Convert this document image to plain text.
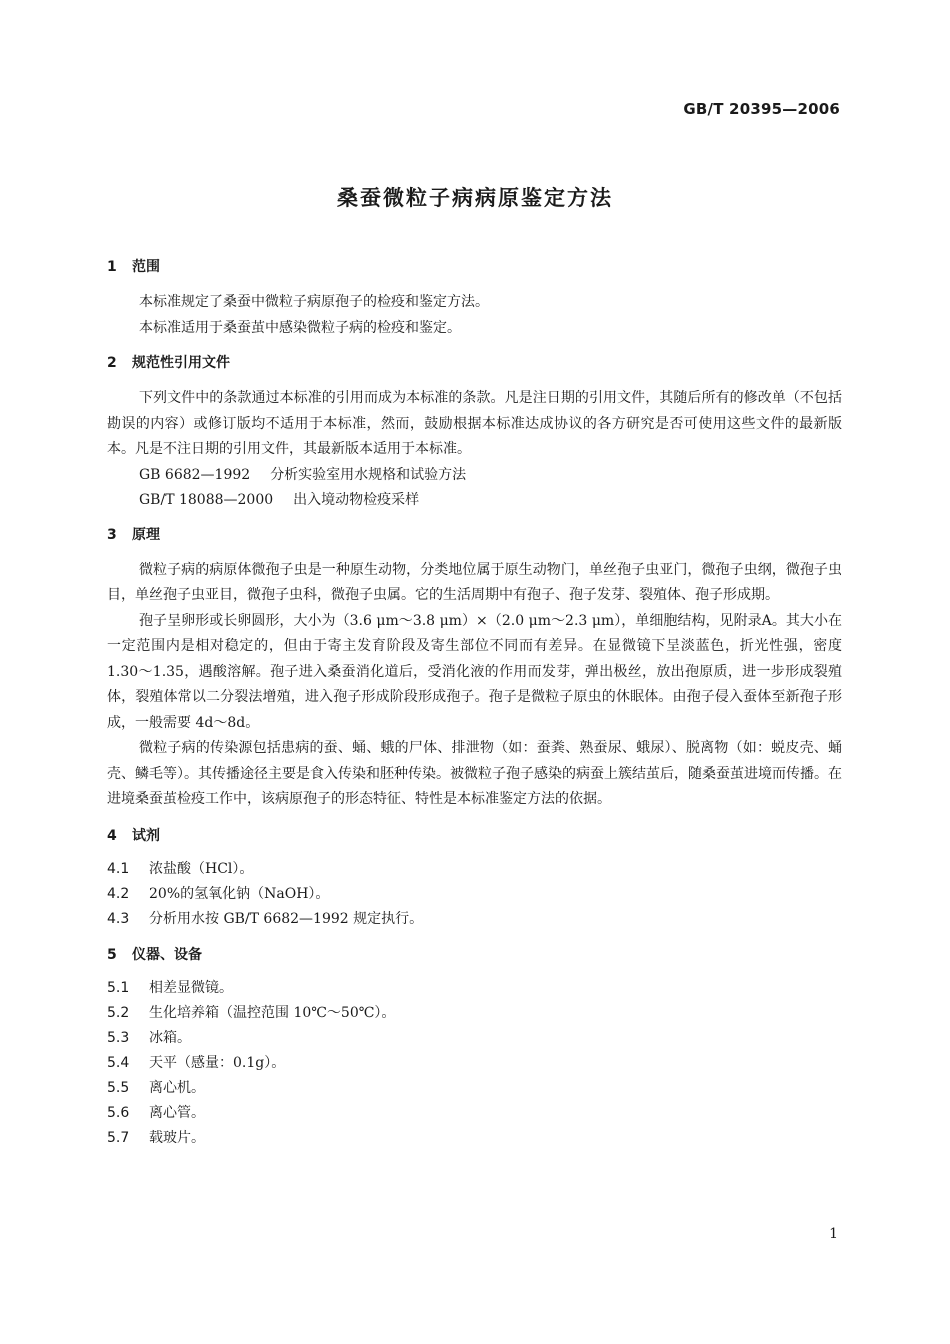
GB/T 20395—2006
桑蚕微粒子病病原鉴定方法

1 范围

本标准规定了桑蚕中微粒子病原孢子的检疫和鉴定方法。

本标准适用于桑蚕茧中感染微粒子病的检疫和鉴定。

2 规范性引用文件

下列文件中的条款通过本标准的引用而成为本标准的条款。凡是注日期的引用文件，其随后所有的修改单（不包括勘误的内容）或修订版均不适用于本标准，然而，鼓励根据本标准达成协议的各方研究是否可使用这些文件的最新版本。凡是不注日期的引用文件，其最新版本适用于本标准。

GB 6682—1992 分析实验室用水规格和试验方法

GB/T 18088—2000 出入境动物检疫采样

3 原理

微粒子病的病原体微孢子虫是一种原生动物，分类地位属于原生动物门，单丝孢子虫亚门，微孢子虫纲，微孢子虫目，单丝孢子虫亚目，微孢子虫科，微孢子虫属。它的生活周期中有孢子、孢子发芽、裂殖体、孢子形成期。

孢子呈卵形或长卵圆形，大小为（3.6 μm～3.8 μm）×（2.0 μm～2.3 μm），单细胞结构，见附录A。其大小在一定范围内是相对稳定的，但由于寄主发育阶段及寄生部位不同而有差异。在显微镜下呈淡蓝色，折光性强，密度 1.30～1.35，遇酸溶解。孢子进入桑蚕消化道后，受消化液的作用而发芽，弹出极丝，放出孢原质，进一步形成裂殖体，裂殖体常以二分裂法增殖，进入孢子形成阶段形成孢子。孢子是微粒子原虫的休眠体。由孢子侵入蚕体至新孢子形成，一般需要 4d～8d。

微粒子病的传染源包括患病的蚕、蛹、蛾的尸体、排泄物（如：蚕粪、熟蚕尿、蛾尿）、脱离物（如：蜕皮壳、蛹壳、鳞毛等）。其传播途径主要是食入传染和胚种传染。被微粒子孢子感染的病蚕上簇结茧后，随桑蚕茧进境而传播。在进境桑蚕茧检疫工作中，该病原孢子的形态特征、特性是本标准鉴定方法的依据。

4 试剂

4.1 浓盐酸（HCl）。

4.2 20%的氢氧化钠（NaOH）。

4.3 分析用水按 GB/T 6682—1992 规定执行。

5 仪器、设备

5.1 相差显微镜。

5.2 生化培养箱（温控范围 10℃～50℃）。

5.3 冰箱。

5.4 天平（感量：0.1g）。

5.5 离心机。

5.6 离心管。

5.7 载玻片。

1
